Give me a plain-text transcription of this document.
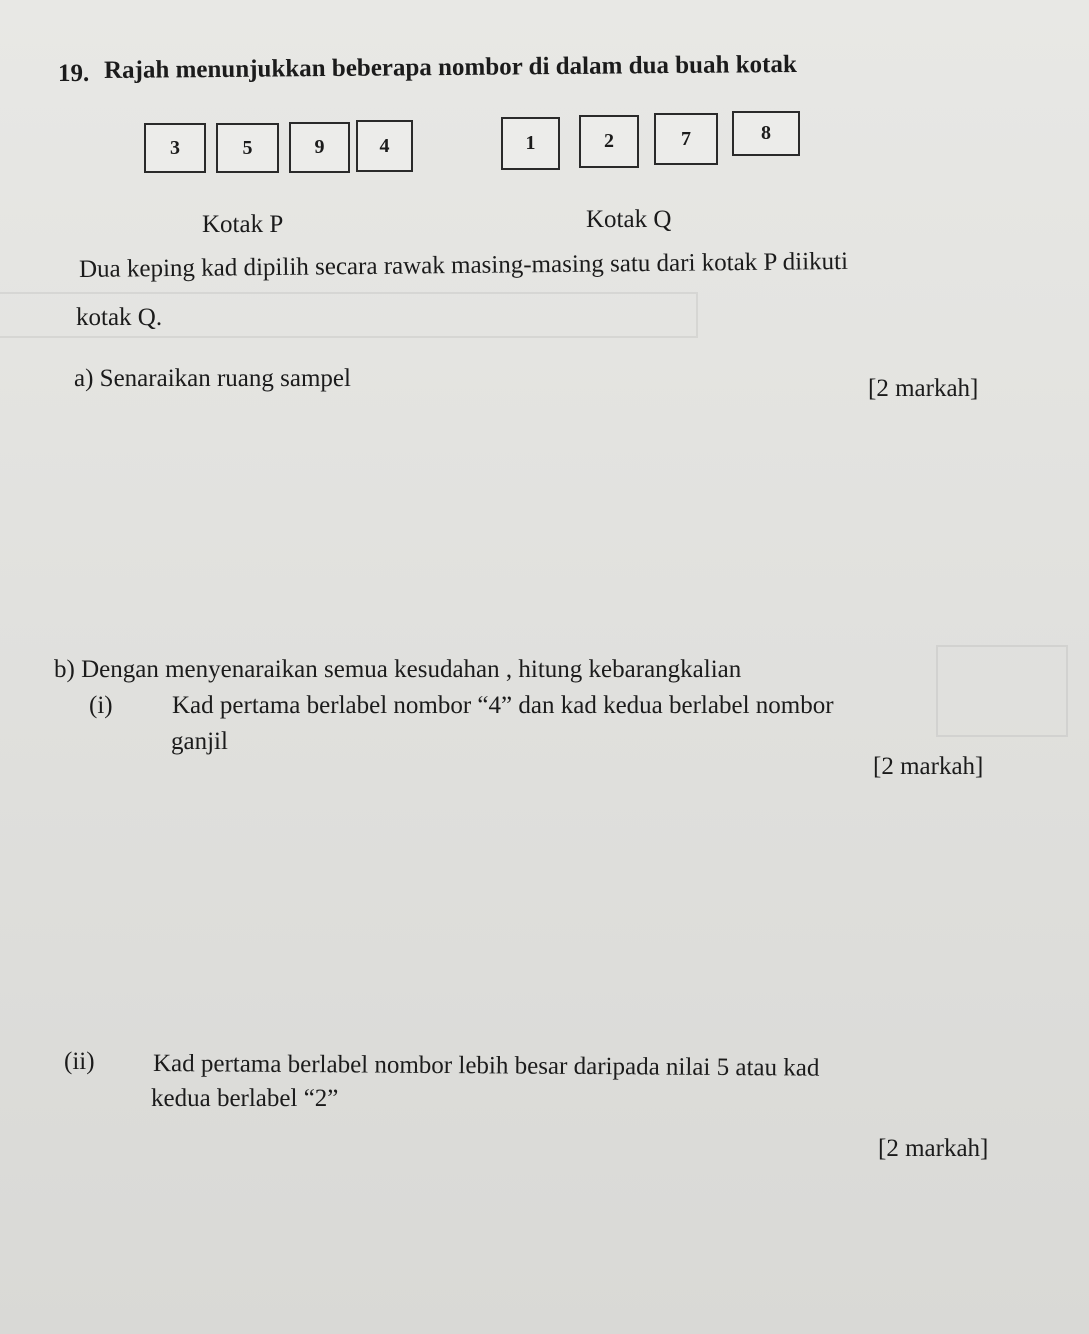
19. Rajah menunjukkan beberapa nombor di dalam dua buah kotak
3	5	9	4	1	2	7	8
Kotak P	Kotak Q
Dua keping kad dipilih secara rawak masing-masing satu dari kotak P diikuti
kotak Q.
a) Senaraikan ruang sampel	[2 markah]
b) Dengan menyenaraikan semua kesudahan , hitung kebarangkalian
(i) Kad pertama berlabel nombor “4” dan kad kedua berlabel nombor
ganjil
[2 markah]
(ii) Kad pertama berlabel nombor lebih besar daripada nilai 5 atau kad
kedua berlabel “2”
[2 markah]
